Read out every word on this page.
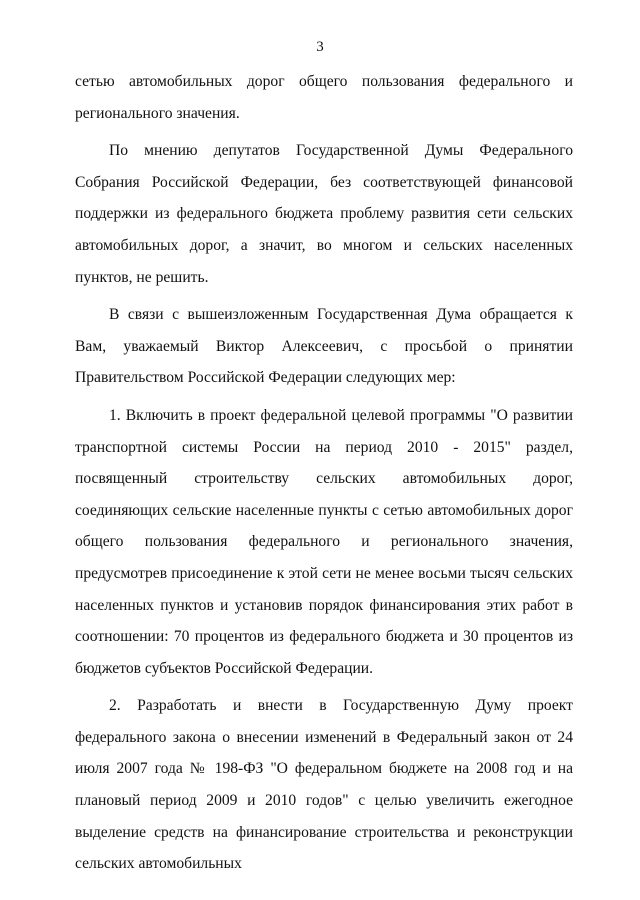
3

сетью автомобильных дорог общего пользования федерального и регионального значения.

По мнению депутатов Государственной Думы Федерального Собрания Российской Федерации, без соответствующей финансовой поддержки из федерального бюджета проблему развития сети сельских автомобильных дорог, а значит, во многом и сельских населенных пунктов, не решить.

В связи с вышеизложенным Государственная Дума обращается к Вам, уважаемый Виктор Алексеевич, с просьбой о принятии Правительством Российской Федерации следующих мер:

1. Включить в проект федеральной целевой программы "О развитии транспортной системы России на период 2010 - 2015" раздел, посвященный строительству сельских автомобильных дорог, соединяющих сельские населенные пункты с сетью автомобильных дорог общего пользования федерального и регионального значения, предусмотрев присоединение к этой сети не менее восьми тысяч сельских населенных пунктов и установив порядок финансирования этих работ в соотношении: 70 процентов из федерального бюджета и 30 процентов из бюджетов субъектов Российской Федерации.

2. Разработать и внести в Государственную Думу проект федерального закона о внесении изменений в Федеральный закон от 24 июля 2007 года № 198-ФЗ "О федеральном бюджете на 2008 год и на плановый период 2009 и 2010 годов" с целью увеличить ежегодное выделение средств на финансирование строительства и реконструкции сельских автомобильных
